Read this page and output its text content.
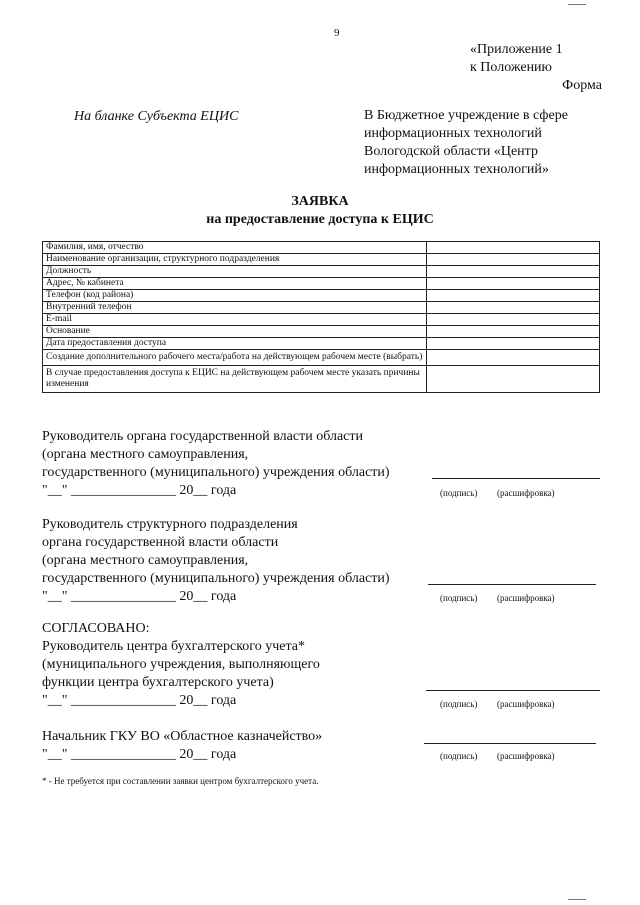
9
«Приложение 1
к Положению
Форма
На бланке Субъекта ЕЦИС	В Бюджетное учреждение в сфере информационных технологий Вологодской области «Центр информационных технологий»
ЗАЯВКА
на предоставление доступа к ЕЦИС
Фамилия, имя, отчество	
Наименование организации, структурного подразделения	
Должность	
Адрес, № кабинета	
Телефон (код района)	
Внутренний телефон	
E-mail	
Основание	
Дата предоставления доступа	
Создание дополнительного рабочего места/работа на действующем рабочем месте (выбрать)	
В случае предоставления доступа к ЕЦИС на действующем рабочем месте указать причины изменения	
Руководитель органа государственной власти области
(органа местного самоуправления,
государственного (муниципального) учреждения области)
"__" _______________ 20__ года	(подпись) (расшифровка)
Руководитель структурного подразделения
органа государственной власти области
(органа местного самоуправления,
государственного (муниципального) учреждения области)
"__" _______________ 20__ года	(подпись) (расшифровка)
СОГЛАСОВАНО:
Руководитель центра бухгалтерского учета*
(муниципального учреждения, выполняющего
функции центра бухгалтерского учета)
"__" _______________ 20__ года	(подпись) (расшифровка)
Начальник ГКУ ВО «Областное казначейство»
"__" _______________ 20__ года	(подпись) (расшифровка)
* - Не требуется при составлении заявки центром бухгалтерского учета.
